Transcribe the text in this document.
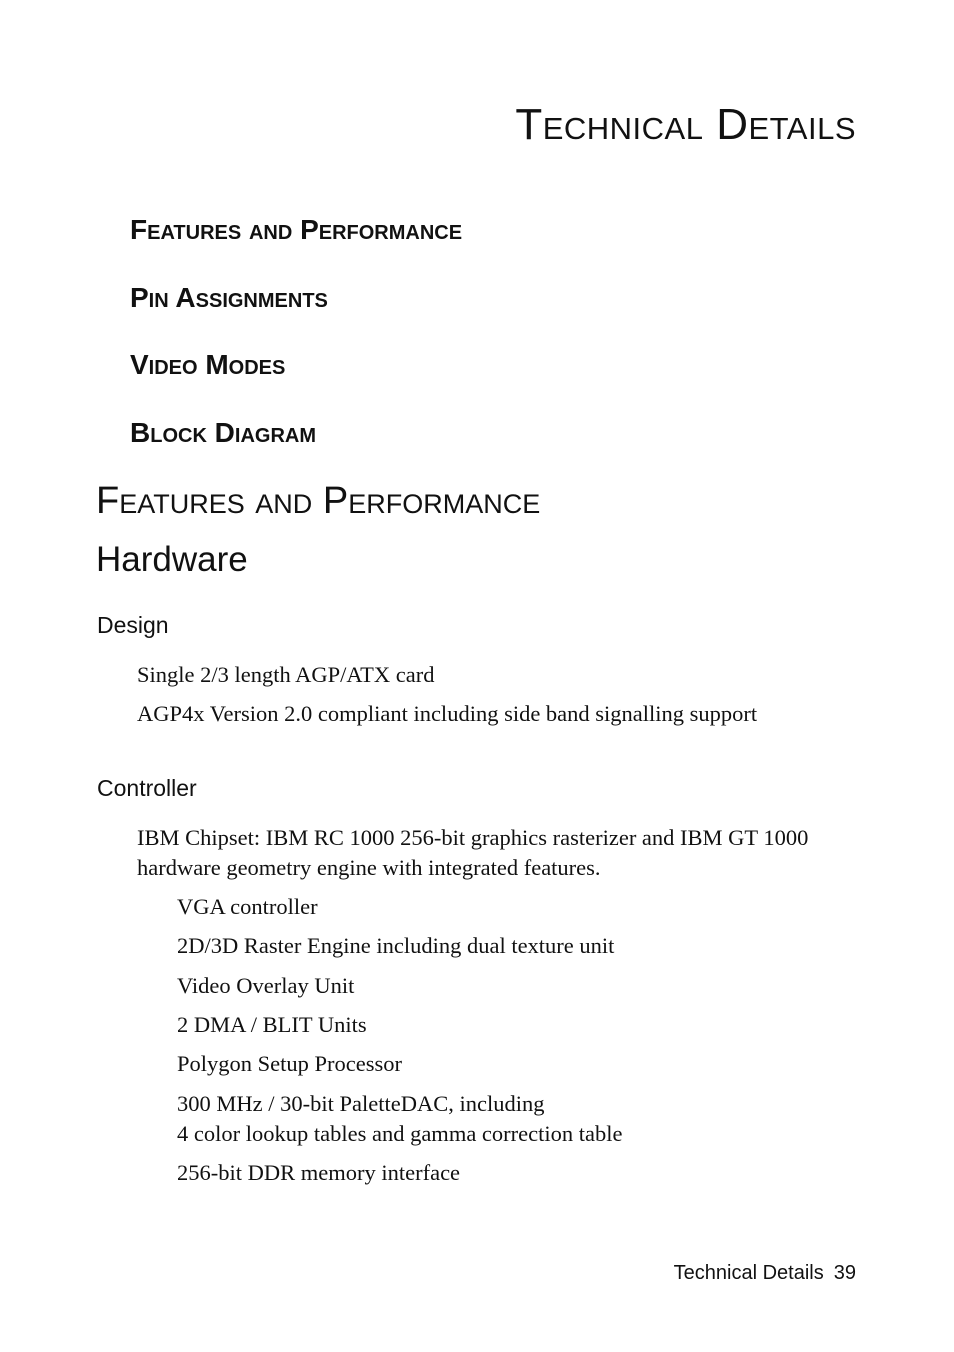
Technical Details
Features and Performance
Pin Assignments
Video Modes
Block Diagram
Features and Performance
Hardware
Design

Single 2/3 length AGP/ATX card

AGP4x Version 2.0 compliant including side band signalling support

Controller

IBM Chipset: IBM RC 1000 256-bit graphics rasterizer and IBM GT 1000 hardware geometry engine with integrated features.

VGA controller

2D/3D Raster Engine including dual texture unit

Video Overlay Unit

2 DMA / BLIT Units

Polygon Setup Processor

300 MHz / 30-bit PaletteDAC, including

4 color lookup tables and gamma correction table

256-bit DDR memory interface

Technical Details 39
